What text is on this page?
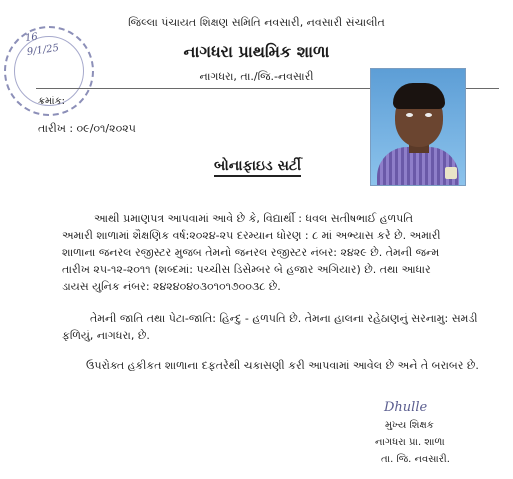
16
9/1/25
જિલ્લા પંચાયત શિક્ષણ સમિતિ નવસારી, નવસારી સંચાલીત
નાગધરા પ્રાથમિક શાળા
નાગધરા, તા./જિ.-નવસારી
ક્રમાંક:
તારીખ : ૦૯/૦૧/૨૦૨૫
બોનાફાઇડ સર્ટી
આથી પ્રમાણપત્ર આપવામાં આવે છે કે, વિદ્યાર્થી : ધવલ સતીષભાઈ હળપતિ
અમારી શાળામાં શૈક્ષણિક વર્ષ:૨૦૨૪-૨૫ દરમ્યાન ધોરણ : ૮ માં અભ્યાસ કરે છે. અમારી
શાળાના જનરલ રજીસ્ટર મુજબ તેમનો જનરલ રજીસ્ટર નંબર: ૨૪૨૯ છે. તેમની જન્મ
તારીખ ૨૫-૧૨-૨૦૧૧ (શબ્દમાં: પચ્ચીસ ડિસેમ્બર બે હજાર અગિયાર) છે. તથા આધાર
ડાયસ યુનિક નંબર: ૨૪૨૪૦૪૦૩૦૧૦૧૭૦૦૩૮ છે.
તેમની જાતિ તથા પેટા-જાતિ: હિન્દુ - હળપતિ છે. તેમના હાલના રહેઠાણનું સરનામુ: સમડી
ફળિયું, નાગધરા, છે.
ઉપરોક્ત હકીકત શાળાના દફતરેથી ચકાસણી કરી આપવામાં આવેલ છે અને તે બરાબર છે.
Dhulle
મુખ્ય શિક્ષક
નાગધરા પ્રા. શાળા
તા. જિ. નવસારી.
